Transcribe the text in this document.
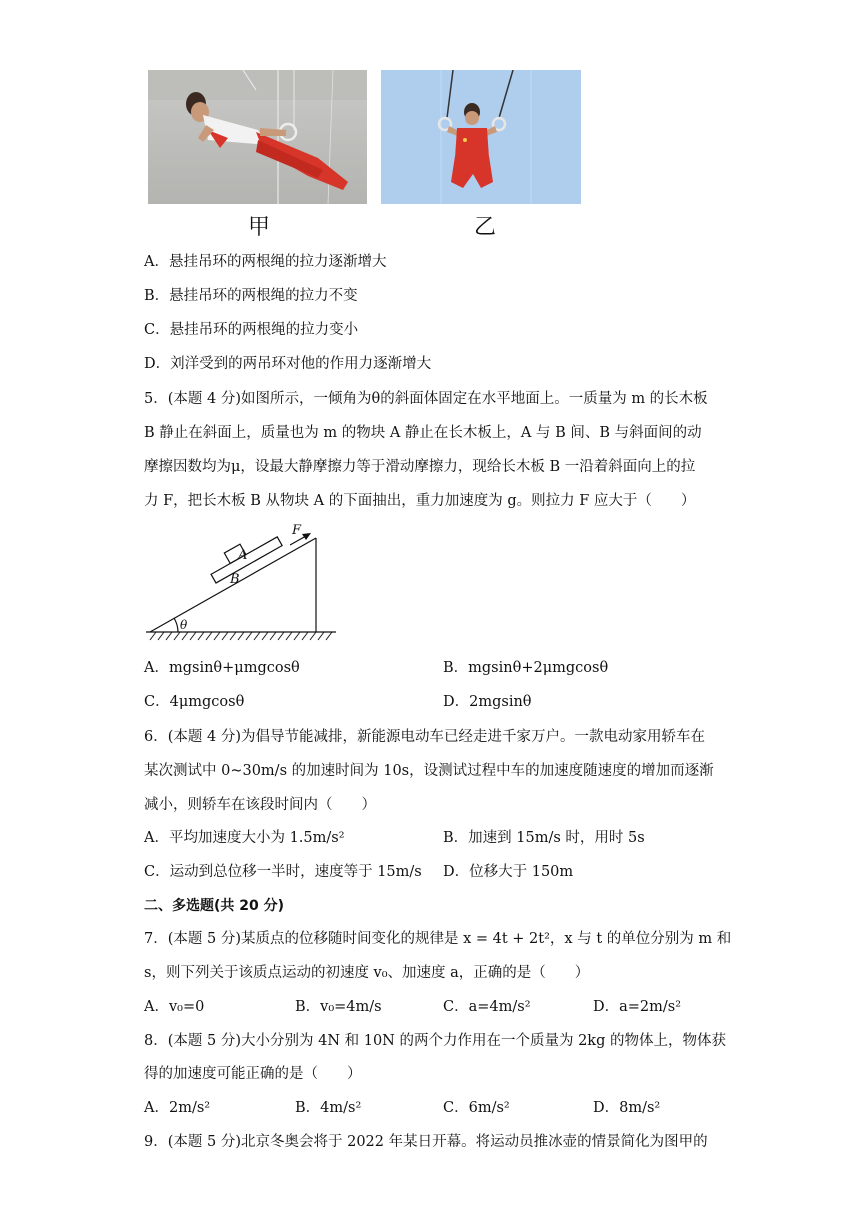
甲	乙
A．悬挂吊环的两根绳的拉力逐渐增大
B．悬挂吊环的两根绳的拉力不变
C．悬挂吊环的两根绳的拉力变小
D．刘洋受到的两吊环对他的作用力逐渐增大
5．(本题 4 分)如图所示，一倾角为θ的斜面体固定在水平地面上。一质量为 m 的长木板
B 静止在斜面上，质量也为 m 的物块 A 静止在长木板上，A 与 B 间、B 与斜面间的动
摩擦因数均为μ，设最大静摩擦力等于滑动摩擦力，现给长木板 B 一沿着斜面向上的拉
力 F，把长木板 B 从物块 A 的下面抽出，重力加速度为 g。则拉力 F 应大于（　　）
A
B
F
θ
A．mgsinθ+μmgcosθ	B．mgsinθ+2μmgcosθ
C．4μmgcosθ	D．2mgsinθ
6．(本题 4 分)为倡导节能减排，新能源电动车已经走进千家万户。一款电动家用轿车在
某次测试中 0~30m/s 的加速时间为 10s，设测试过程中车的加速度随速度的增加而逐渐
减小，则轿车在该段时间内（　　）
A．平均加速度大小为 1.5m/s²	B．加速到 15m/s 时，用时 5s
C．运动到总位移一半时，速度等于 15m/s D．位移大于 150m
二、多选题(共 20 分)
7．(本题 5 分)某质点的位移随时间变化的规律是 x = 4t + 2t²，x 与 t 的单位分别为 m 和
s，则下列关于该质点运动的初速度 v₀、加速度 a，正确的是（　　）
A．v₀=0	B．v₀=4m/s	C．a=4m/s²	D．a=2m/s²
8．(本题 5 分)大小分别为 4N 和 10N 的两个力作用在一个质量为 2kg 的物体上，物体获
得的加速度可能正确的是（　　）
A．2m/s²	B．4m/s²	C．6m/s²	D．8m/s²
9．(本题 5 分)北京冬奥会将于 2022 年某日开幕。将运动员推冰壶的情景简化为图甲的
